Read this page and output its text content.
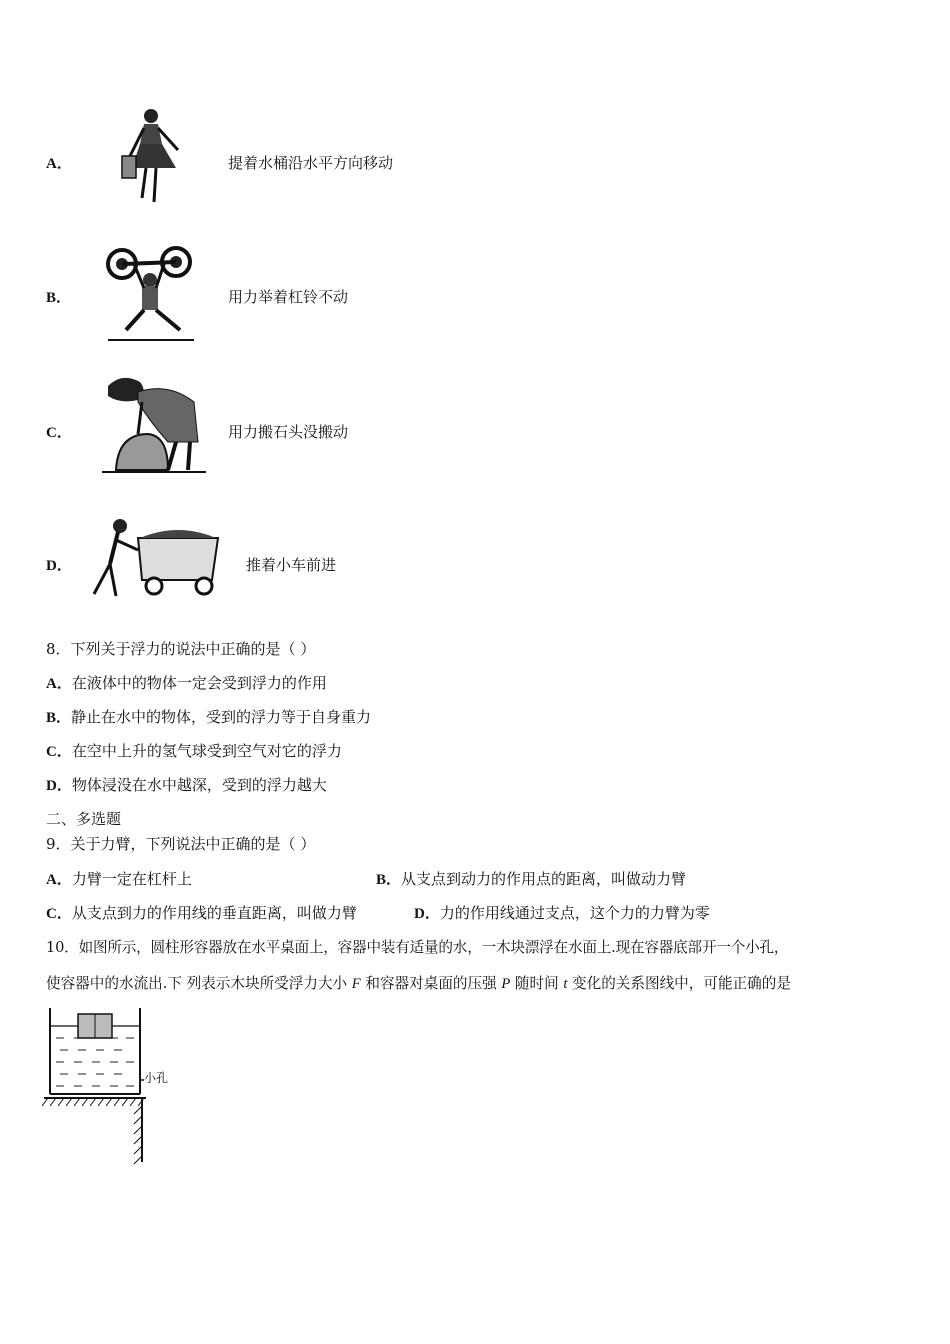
A．	提着水桶沿水平方向移动
B．	用力举着杠铃不动
C．	用力搬石头没搬动
D．	推着小车前进
8．下列关于浮力的说法中正确的是（ ）
A．在液体中的物体一定会受到浮力的作用
B．静止在水中的物体，受到的浮力等于自身重力
C．在空中上升的氢气球受到空气对它的浮力
D．物体浸没在水中越深，受到的浮力越大
二、多选题
9．关于力臂，下列说法中正确的是（ ）
A．力臂一定在杠杆上	B．从支点到动力的作用点的距离，叫做动力臂
C．从支点到力的作用线的垂直距离，叫做力臂	D．力的作用线通过支点，这个力的力臂为零
10．如图所示，圆柱形容器放在水平桌面上，容器中装有适量的水，一木块漂浮在水面上.现在容器底部开一个小孔，
使容器中的水流出.下 列表示木块所受浮力大小 F 和容器对桌面的压强 P 随时间 t 变化的关系图线中，可能正确的是
小孔
